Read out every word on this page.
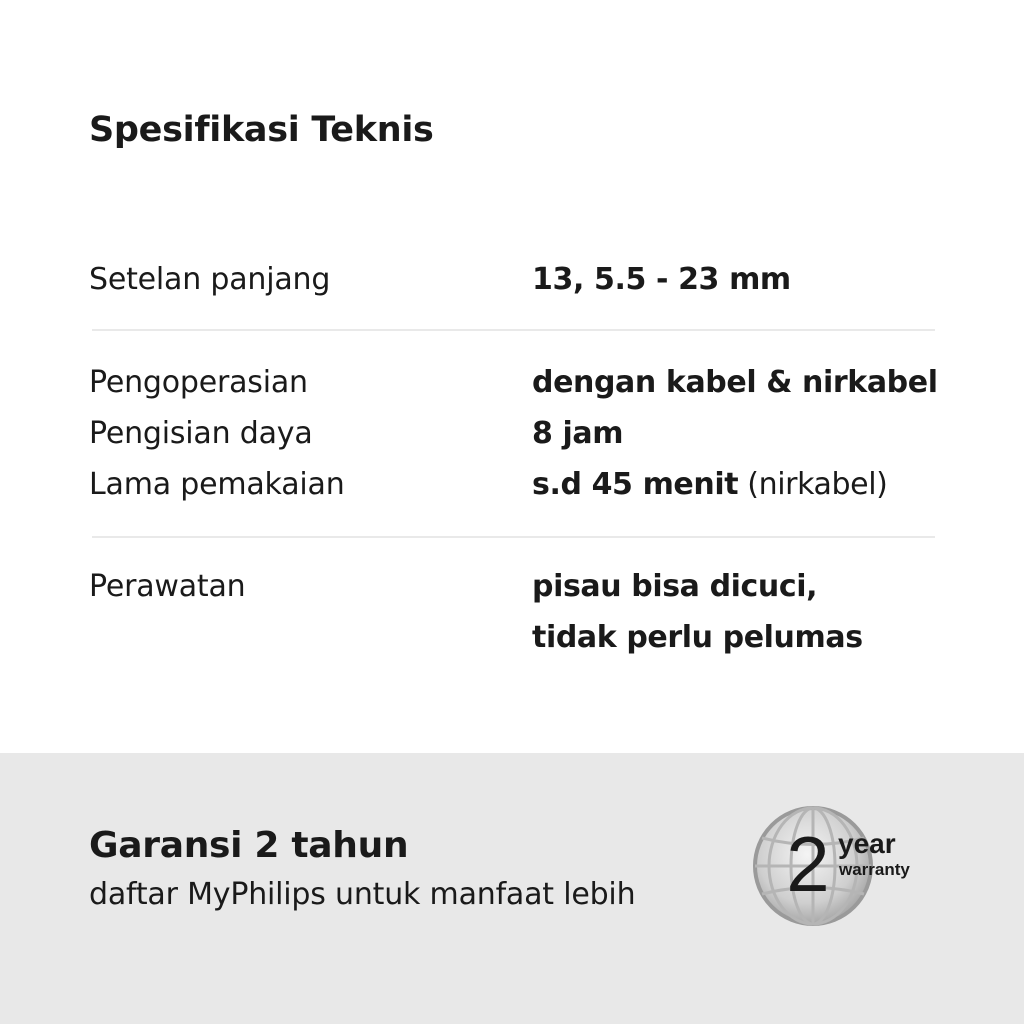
Spesifikasi Teknis
Setelan panjang	13, 5.5 - 23 mm
Pengoperasian	dengan kabel & nirkabel
Pengisian daya	8 jam
Lama pemakaian	s.d 45 menit (nirkabel)
Perawatan	pisau bisa dicuci,
tidak perlu pelumas
Garansi 2 tahun
daftar MyPhilips untuk manfaat lebih 2 year
warranty
